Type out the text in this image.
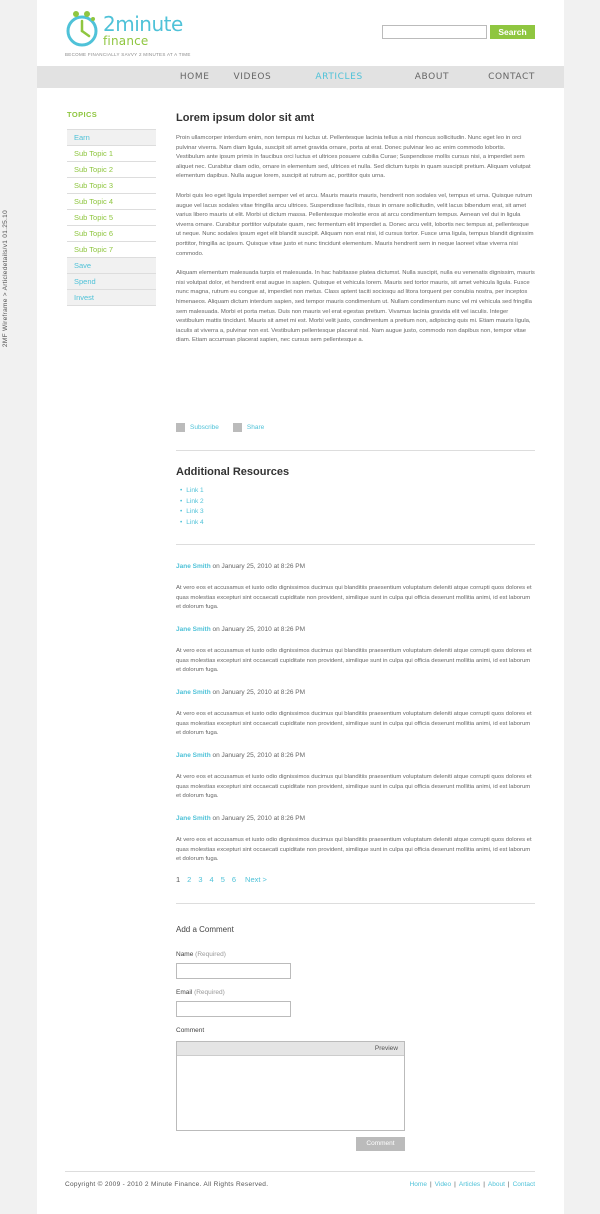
2MF Wireframe > Articledetails/v1 01.25.10
2minute
finance
BECOME FINANCIALLY SAVVY 2 MINUTES AT A TIME
Search
HOME	VIDEOS	ARTICLES	ABOUT	CONTACT
TOPICS
Earn
Sub Topic 1
Sub Topic 2
Sub Topic 3
Sub Topic 4
Sub Topic 5
Sub Topic 6
Sub Topic 7
Save
Spend
Invest
Lorem ipsum dolor sit amt

Proin ullamcorper interdum enim, non tempus mi luctus ut. Pellentesque lacinia tellus a nisl rhoncus sollicitudin. Nunc eget leo in orci pulvinar viverra. Nam diam ligula, suscipit sit amet gravida ornare, porta at erat. Donec pulvinar leo ac enim commodo lobortis. Vestibulum ante ipsum primis in faucibus orci luctus et ultrices posuere cubilia Curae; Suspendisse mollis cursus nisi, a imperdiet sem aliquet nec. Curabitur diam odio, ornare in elementum sed, ultrices et nulla. Sed dictum turpis in quam suscipit pretium. Aliquam volutpat elementum dapibus. Nulla augue lorem, suscipit at rutrum ac, porttitor quis urna.

Morbi quis leo eget ligula imperdiet semper vel et arcu. Mauris mauris mauris, hendrerit non sodales vel, tempus et urna. Quisque rutrum augue vel lacus sodales vitae fringilla arcu ultrices. Suspendisse facilisis, risus in ornare sollicitudin, velit lacus bibendum erat, sit amet varius libero mauris ut elit. Morbi ut dictum massa. Pellentesque molestie eros at arcu condimentum tempus. Aenean vel dui in ligula viverra ornare. Curabitur porttitor vulputate quam, nec fermentum elit imperdiet a. Donec arcu velit, lobortis nec tempus at, pellentesque ut neque. Nunc sodales ipsum eget elit blandit suscipit. Aliquam non erat nisi, id cursus tortor. Fusce urna ligula, tempus blandit dignissim porttitor, fringilla ac ipsum. Quisque vitae justo et nunc tincidunt elementum. Mauris hendrerit sem in neque laoreet vitae viverra nisi commodo.

Aliquam elementum malesuada turpis et malesuada. In hac habitasse platea dictumst. Nulla suscipit, nulla eu venenatis dignissim, mauris nisi volutpat dolor, et hendrerit erat augue in sapien. Quisque et vehicula lorem. Mauris sed tortor mauris, sit amet vehicula ligula. Fusce nunc magna, rutrum eu congue at, imperdiet non metus. Class aptent taciti sociosqu ad litora torquent per conubia nostra, per inceptos himenaeos. Aliquam dictum interdum sapien, sed tempor mauris condimentum ut. Nullam condimentum nunc vel mi vehicula sed fringilla sem malesuada. Morbi et porta metus. Duis non mauris vel erat egestas pretium. Vivamus lacinia gravida elit vel iaculis. Integer vestibulum mattis tincidunt. Mauris sit amet mi est. Morbi velit justo, condimentum a pretium non, adipiscing quis mi. Etiam mauris ligula, iaculis at viverra a, pulvinar non est. Vestibulum pellentesque placerat nisl. Nam augue justo, commodo non dapibus non, tempor vitae diam. Etiam accumsan placerat sapien, nec cursus sem pellentesque a.

Subscribe	Share
Additional Resources
• Link 1
• Link 2
• Link 3
• Link 4
Jane Smith on January 25, 2010 at 8:26 PM
At vero eos et accusamus et iusto odio dignissimos ducimus qui blanditiis praesentium voluptatum deleniti atque corrupti quos dolores et quas molestias excepturi sint occaecati cupiditate non provident, similique sunt in culpa qui officia deserunt mollitia animi, id est laborum et dolorum fuga.
Jane Smith on January 25, 2010 at 8:26 PM
At vero eos et accusamus et iusto odio dignissimos ducimus qui blanditiis praesentium voluptatum deleniti atque corrupti quos dolores et quas molestias excepturi sint occaecati cupiditate non provident, similique sunt in culpa qui officia deserunt mollitia animi, id est laborum et dolorum fuga.
Jane Smith on January 25, 2010 at 8:26 PM
At vero eos et accusamus et iusto odio dignissimos ducimus qui blanditiis praesentium voluptatum deleniti atque corrupti quos dolores et quas molestias excepturi sint occaecati cupiditate non provident, similique sunt in culpa qui officia deserunt mollitia animi, id est laborum et dolorum fuga.
Jane Smith on January 25, 2010 at 8:26 PM
At vero eos et accusamus et iusto odio dignissimos ducimus qui blanditiis praesentium voluptatum deleniti atque corrupti quos dolores et quas molestias excepturi sint occaecati cupiditate non provident, similique sunt in culpa qui officia deserunt mollitia animi, id est laborum et dolorum fuga.
Jane Smith on January 25, 2010 at 8:26 PM
At vero eos et accusamus et iusto odio dignissimos ducimus qui blanditiis praesentium voluptatum deleniti atque corrupti quos dolores et quas molestias excepturi sint occaecati cupiditate non provident, similique sunt in culpa qui officia deserunt mollitia animi, id est laborum et dolorum fuga.
1 2 3 4 5 6 Next >
Add a Comment
Name (Required)
Email (Required)
Comment
Preview
Comment
Copyright © 2009 - 2010 2 Minute Finance. All Rights Reserved.	Home | Video | Articles | About | Contact
